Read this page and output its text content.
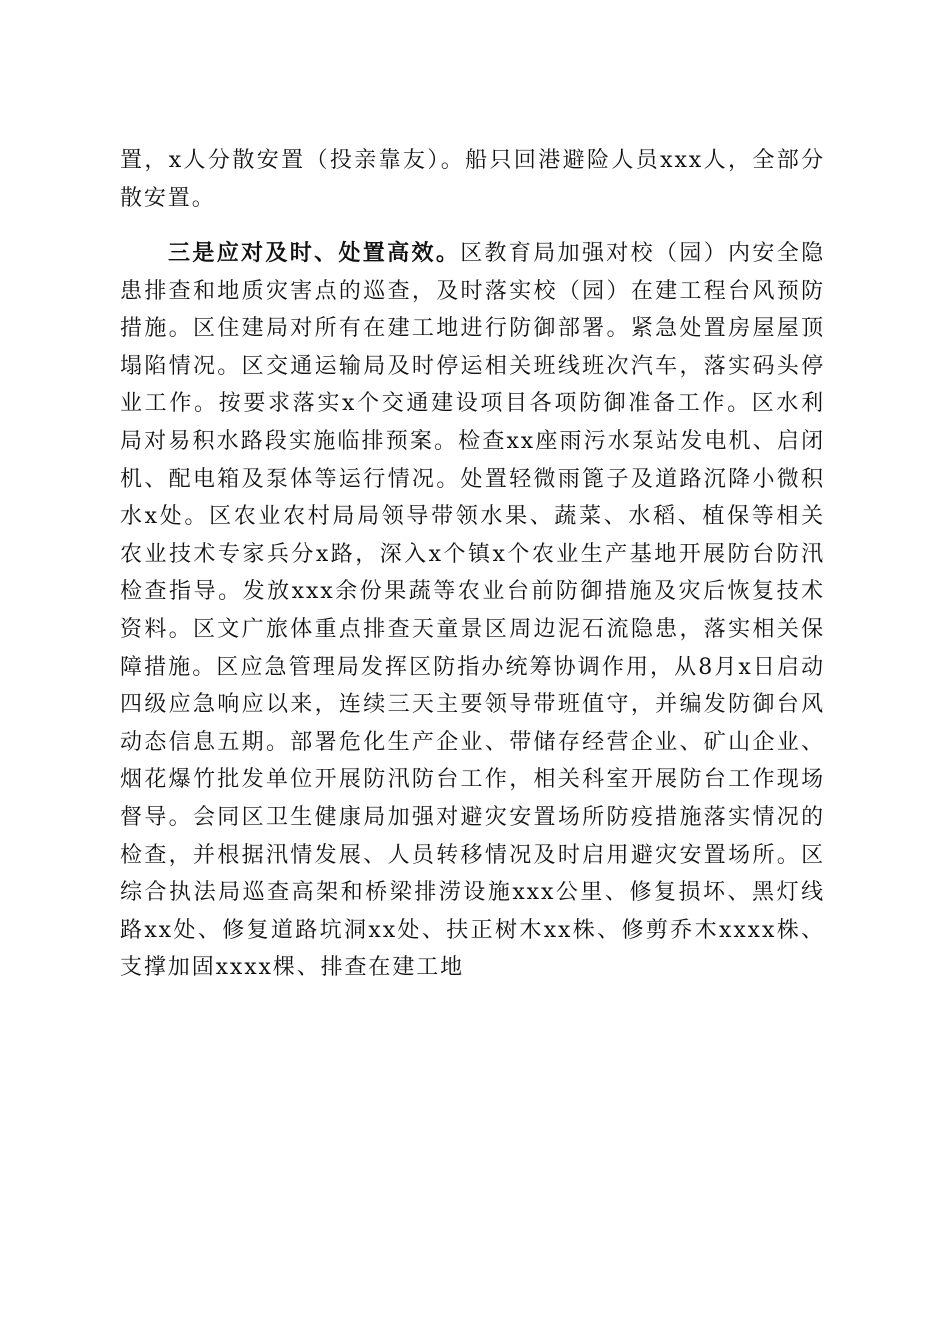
置，x人分散安置（投亲靠友）。船只回港避险人员xxx人，全部分散安置。

三是应对及时、处置高效。区教育局加强对校（园）内安全隐患排查和地质灾害点的巡查，及时落实校（园）在建工程台风预防措施。区住建局对所有在建工地进行防御部署。紧急处置房屋屋顶塌陷情况。区交通运输局及时停运相关班线班次汽车，落实码头停业工作。按要求落实x个交通建设项目各项防御准备工作。区水利局对易积水路段实施临排预案。检查xx座雨污水泵站发电机、启闭机、配电箱及泵体等运行情况。处置轻微雨篦子及道路沉降小微积水x处。区农业农村局局领导带领水果、蔬菜、水稻、植保等相关农业技术专家兵分x路，深入x个镇x个农业生产基地开展防台防汛检查指导。发放xxx余份果蔬等农业台前防御措施及灾后恢复技术资料。区文广旅体重点排查天童景区周边泥石流隐患，落实相关保障措施。区应急管理局发挥区防指办统筹协调作用，从8月x日启动四级应急响应以来，连续三天主要领导带班值守，并编发防御台风动态信息五期。部署危化生产企业、带储存经营企业、矿山企业、烟花爆竹批发单位开展防汛防台工作，相关科室开展防台工作现场督导。会同区卫生健康局加强对避灾安置场所防疫措施落实情况的检查，并根据汛情发展、人员转移情况及时启用避灾安置场所。区综合执法局巡查高架和桥梁排涝设施xxx公里、修复损坏、黑灯线路xx处、修复道路坑洞xx处、扶正树木xx株、修剪乔木xxxx株、支撑加固xxxx棵、排查在建工地
